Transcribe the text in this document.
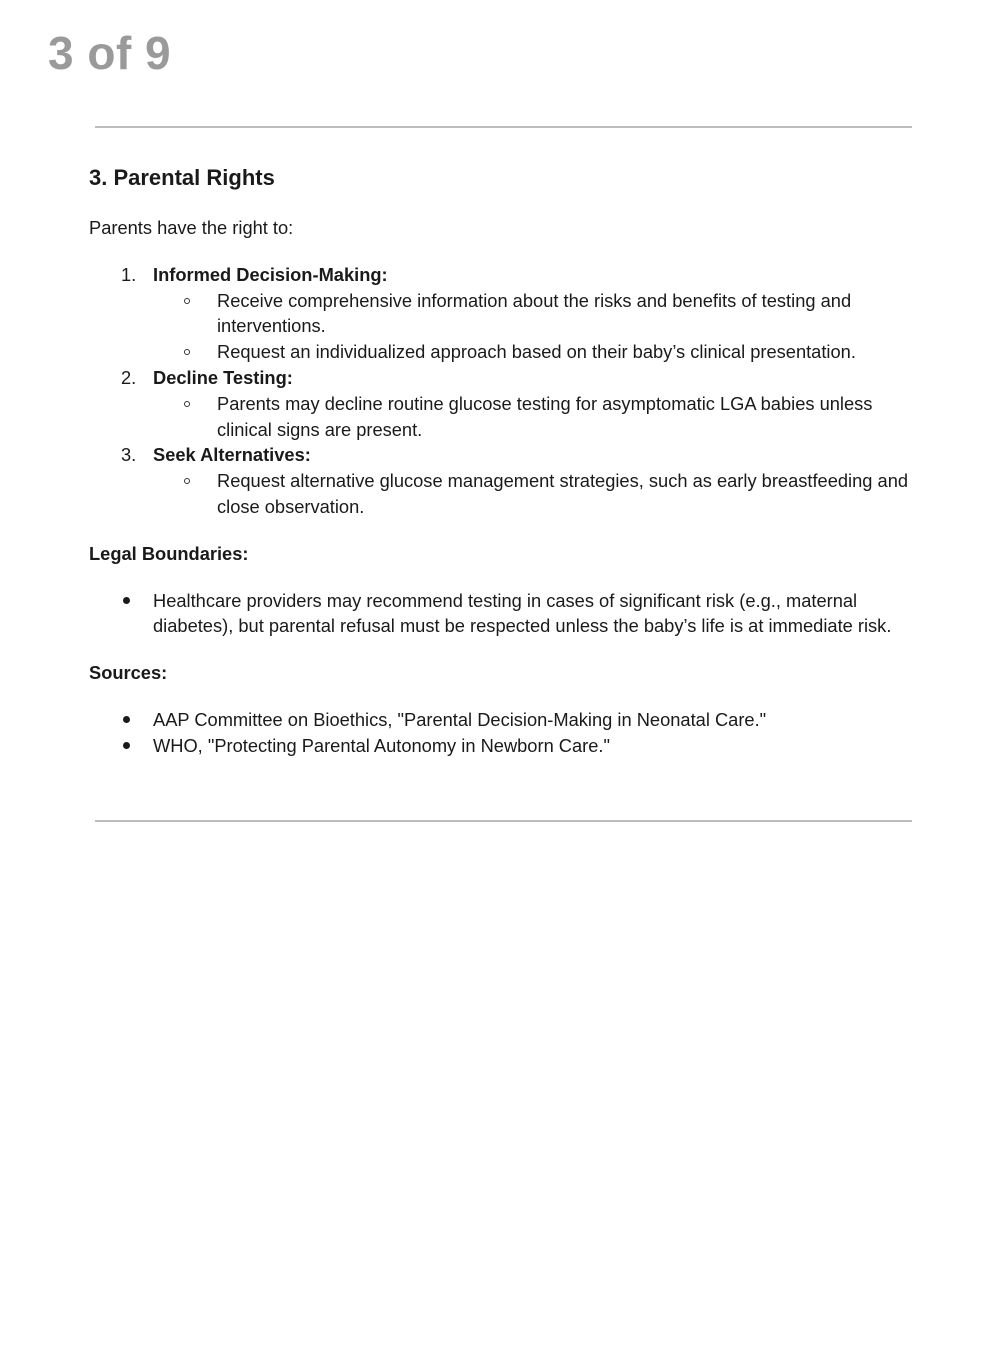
3 of 9
3. Parental Rights

Parents have the right to:

1. Informed Decision-Making:
Receive comprehensive information about the risks and benefits of testing and interventions.
Request an individualized approach based on their baby’s clinical presentation.
2. Decline Testing:
Parents may decline routine glucose testing for asymptomatic LGA babies unless clinical signs are present.
3. Seek Alternatives:
Request alternative glucose management strategies, such as early breastfeeding and close observation.

Legal Boundaries:

Healthcare providers may recommend testing in cases of significant risk (e.g., maternal diabetes), but parental refusal must be respected unless the baby’s life is at immediate risk.

Sources:

AAP Committee on Bioethics, "Parental Decision-Making in Neonatal Care."
WHO, "Protecting Parental Autonomy in Newborn Care."
